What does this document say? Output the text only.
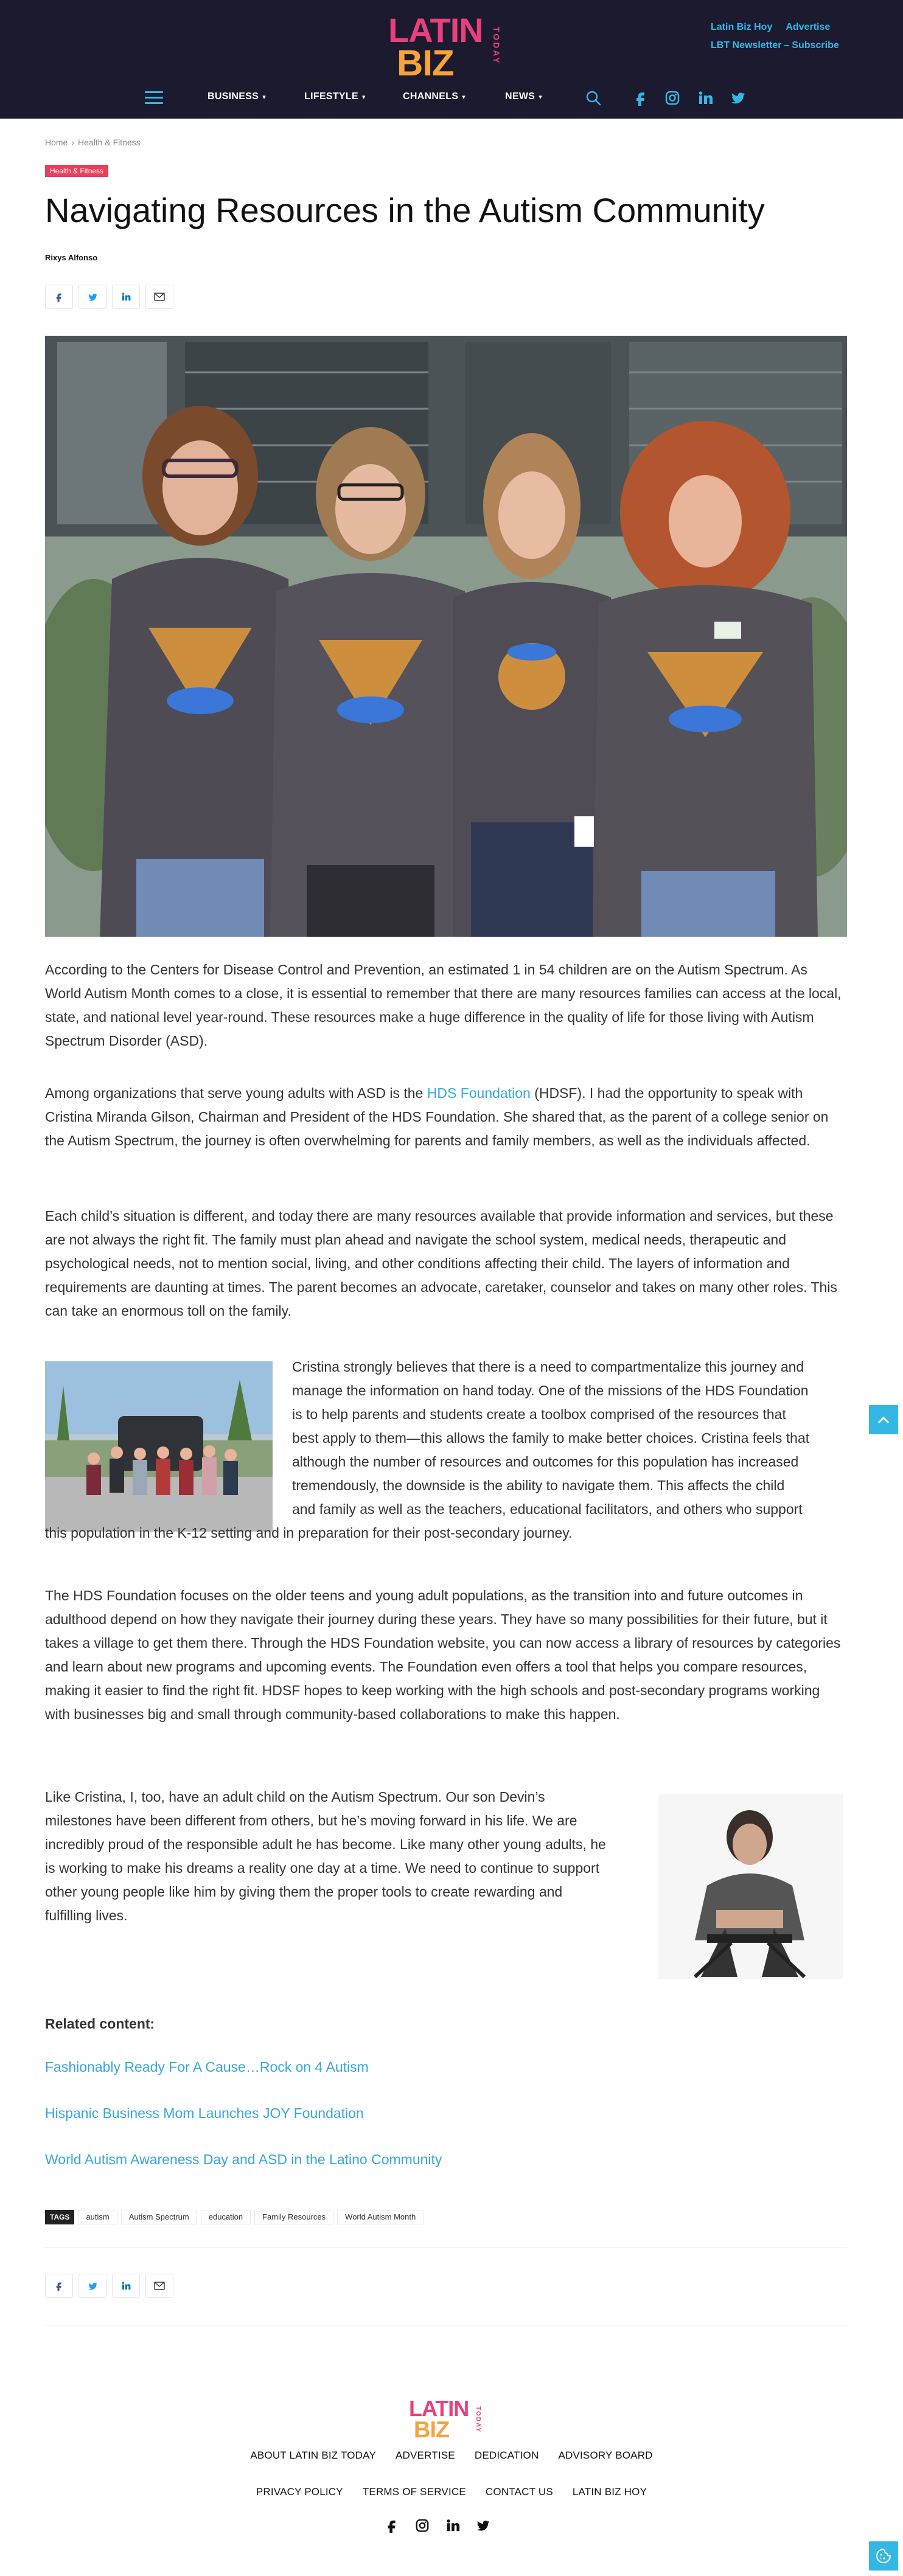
LATIN
BIZ	TODAY	Latin Biz Hoy Advertise
LBT Newsletter – Subscribe
BUSINESS ▾	LIFESTYLE ▾	CHANNELS ▾	NEWS ▾
Home › Health & Fitness
Health & Fitness
Navigating Resources in the Autism Community
Rixys Alfonso

According to the Centers for Disease Control and Prevention, an estimated 1 in 54 children are on the Autism Spectrum. As World Autism Month comes to a close, it is essential to remember that there are many resources families can access at the local, state, and national level year-round. These resources make a huge difference in the quality of life for those living with Autism Spectrum Disorder (ASD).

Among organizations that serve young adults with ASD is the HDS Foundation (HDSF). I had the opportunity to speak with Cristina Miranda Gilson, Chairman and President of the HDS Foundation. She shared that, as the parent of a college senior on the Autism Spectrum, the journey is often overwhelming for parents and family members, as well as the individuals affected.

Each child’s situation is different, and today there are many resources available that provide information and services, but these are not always the right fit. The family must plan ahead and navigate the school system, medical needs, therapeutic and psychological needs, not to mention social, living, and other conditions affecting their child. The layers of information and requirements are daunting at times. The parent becomes an advocate, caretaker, counselor and takes on many other roles. This can take an enormous toll on the family.

Cristina strongly believes that there is a need to compartmentalize this journey and
manage the information on hand today. One of the missions of the HDS Foundation
is to help parents and students create a toolbox comprised of the resources that
best apply to them—this allows the family to make better choices. Cristina feels that
although the number of resources and outcomes for this population has increased
tremendously, the downside is the ability to navigate them. This affects the child
and family as well as the teachers, educational facilitators, and others who support
this population in the K-12 setting and in preparation for their post-secondary journey.

The HDS Foundation focuses on the older teens and young adult populations, as the transition into and future outcomes in adulthood depend on how they navigate their journey during these years. They have so many possibilities for their future, but it takes a village to get them there. Through the HDS Foundation website, you can now access a library of resources by categories and learn about new programs and upcoming events. The Foundation even offers a tool that helps you compare resources, making it easier to find the right fit. HDSF hopes to keep working with the high schools and post-secondary programs working with businesses big and small through community-based collaborations to make this happen.

Like Cristina, I, too, have an adult child on the Autism Spectrum. Our son Devin’s
milestones have been different from others, but he’s moving forward in his life. We are
incredibly proud of the responsible adult he has become. Like many other young adults, he
is working to make his dreams a reality one day at a time. We need to continue to support
other young people like him by giving them the proper tools to create rewarding and
fulfilling lives.
Related content:
Fashionably Ready For A Cause…Rock on 4 Autism
Hispanic Business Mom Launches JOY Foundation
World Autism Awareness Day and ASD in the Latino Community
TAGS	autism	Autism Spectrum	education	Family Resources	World Autism Month
LATIN
BIZ	TODAY
ABOUT LATIN BIZ TODAY ADVERTISE DEDICATION ADVISORY BOARD
PRIVACY POLICY TERMS OF SERVICE CONTACT US LATIN BIZ HOY
